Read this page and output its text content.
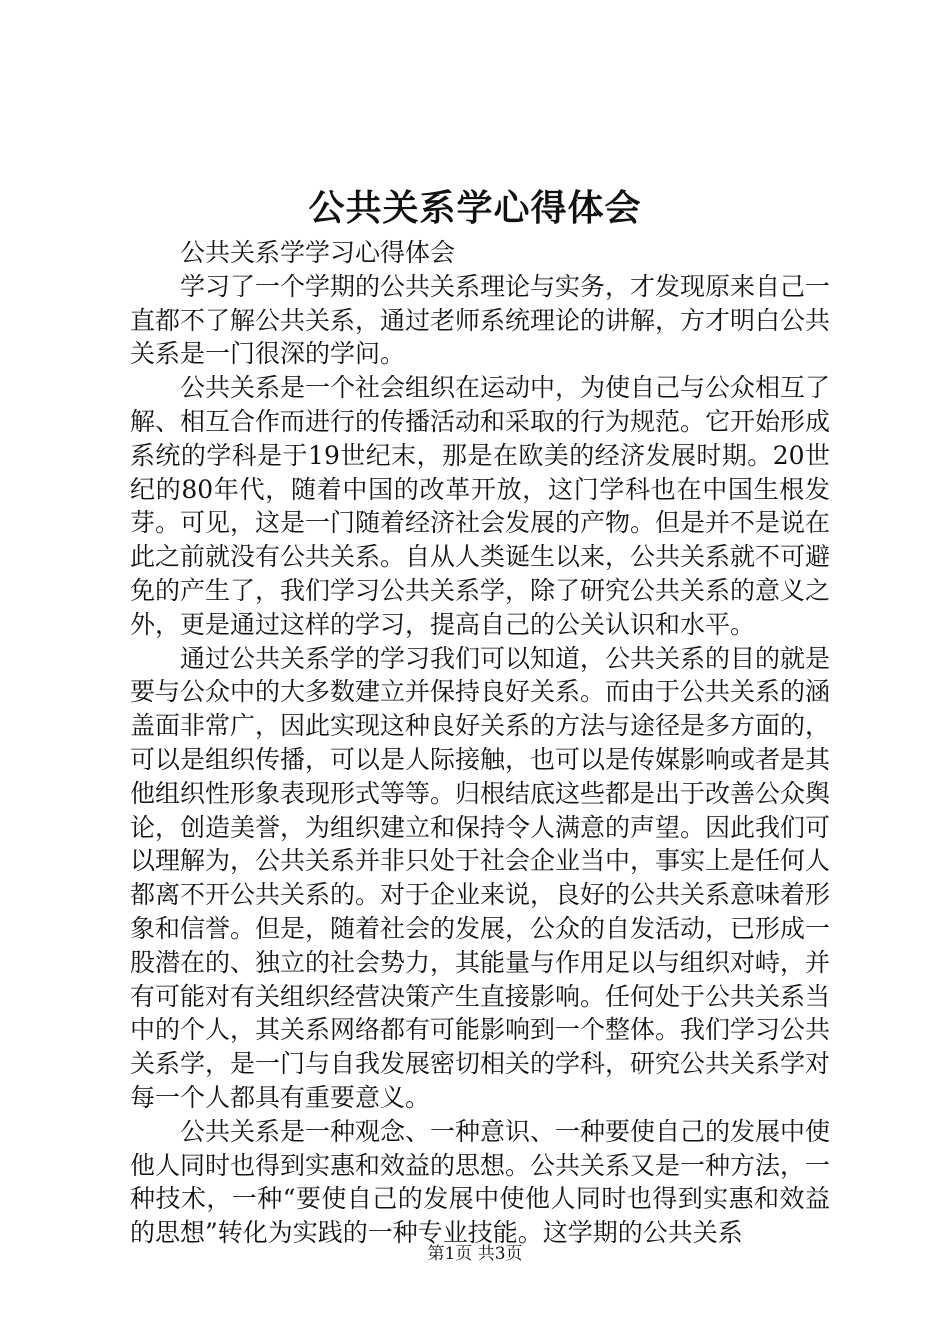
公共关系学心得体会

公共关系学学习心得体会

学习了一个学期的公共关系理论与实务，才发现原来自己一直都不了解公共关系，通过老师系统理论的讲解，方才明白公共关系是一门很深的学问。

公共关系是一个社会组织在运动中，为使自己与公众相互了解、相互合作而进行的传播活动和采取的行为规范。它开始形成系统的学科是于19世纪末，那是在欧美的经济发展时期。20世纪的80年代，随着中国的改革开放，这门学科也在中国生根发芽。可见，这是一门随着经济社会发展的产物。但是并不是说在此之前就没有公共关系。自从人类诞生以来，公共关系就不可避免的产生了，我们学习公共关系学，除了研究公共关系的意义之外，更是通过这样的学习，提高自己的公关认识和水平。

通过公共关系学的学习我们可以知道，公共关系的目的就是要与公众中的大多数建立并保持良好关系。而由于公共关系的涵盖面非常广，因此实现这种良好关系的方法与途径是多方面的，可以是组织传播，可以是人际接触，也可以是传媒影响或者是其他组织性形象表现形式等等。归根结底这些都是出于改善公众舆论，创造美誉，为组织建立和保持令人满意的声望。因此我们可以理解为，公共关系并非只处于社会企业当中，事实上是任何人都离不开公共关系的。对于企业来说，良好的公共关系意味着形象和信誉。但是，随着社会的发展，公众的自发活动，已形成一股潜在的、独立的社会势力，其能量与作用足以与组织对峙，并有可能对有关组织经营决策产生直接影响。任何处于公共关系当中的个人，其关系网络都有可能影响到一个整体。我们学习公共关系学，是一门与自我发展密切相关的学科，研究公共关系学对每一个人都具有重要意义。

公共关系是一种观念、一种意识、一种要使自己的发展中使他人同时也得到实惠和效益的思想。公共关系又是一种方法，一种技术，一种“要使自己的发展中使他人同时也得到实惠和效益的思想”转化为实践的一种专业技能。这学期的公共关系

第1页 共3页
